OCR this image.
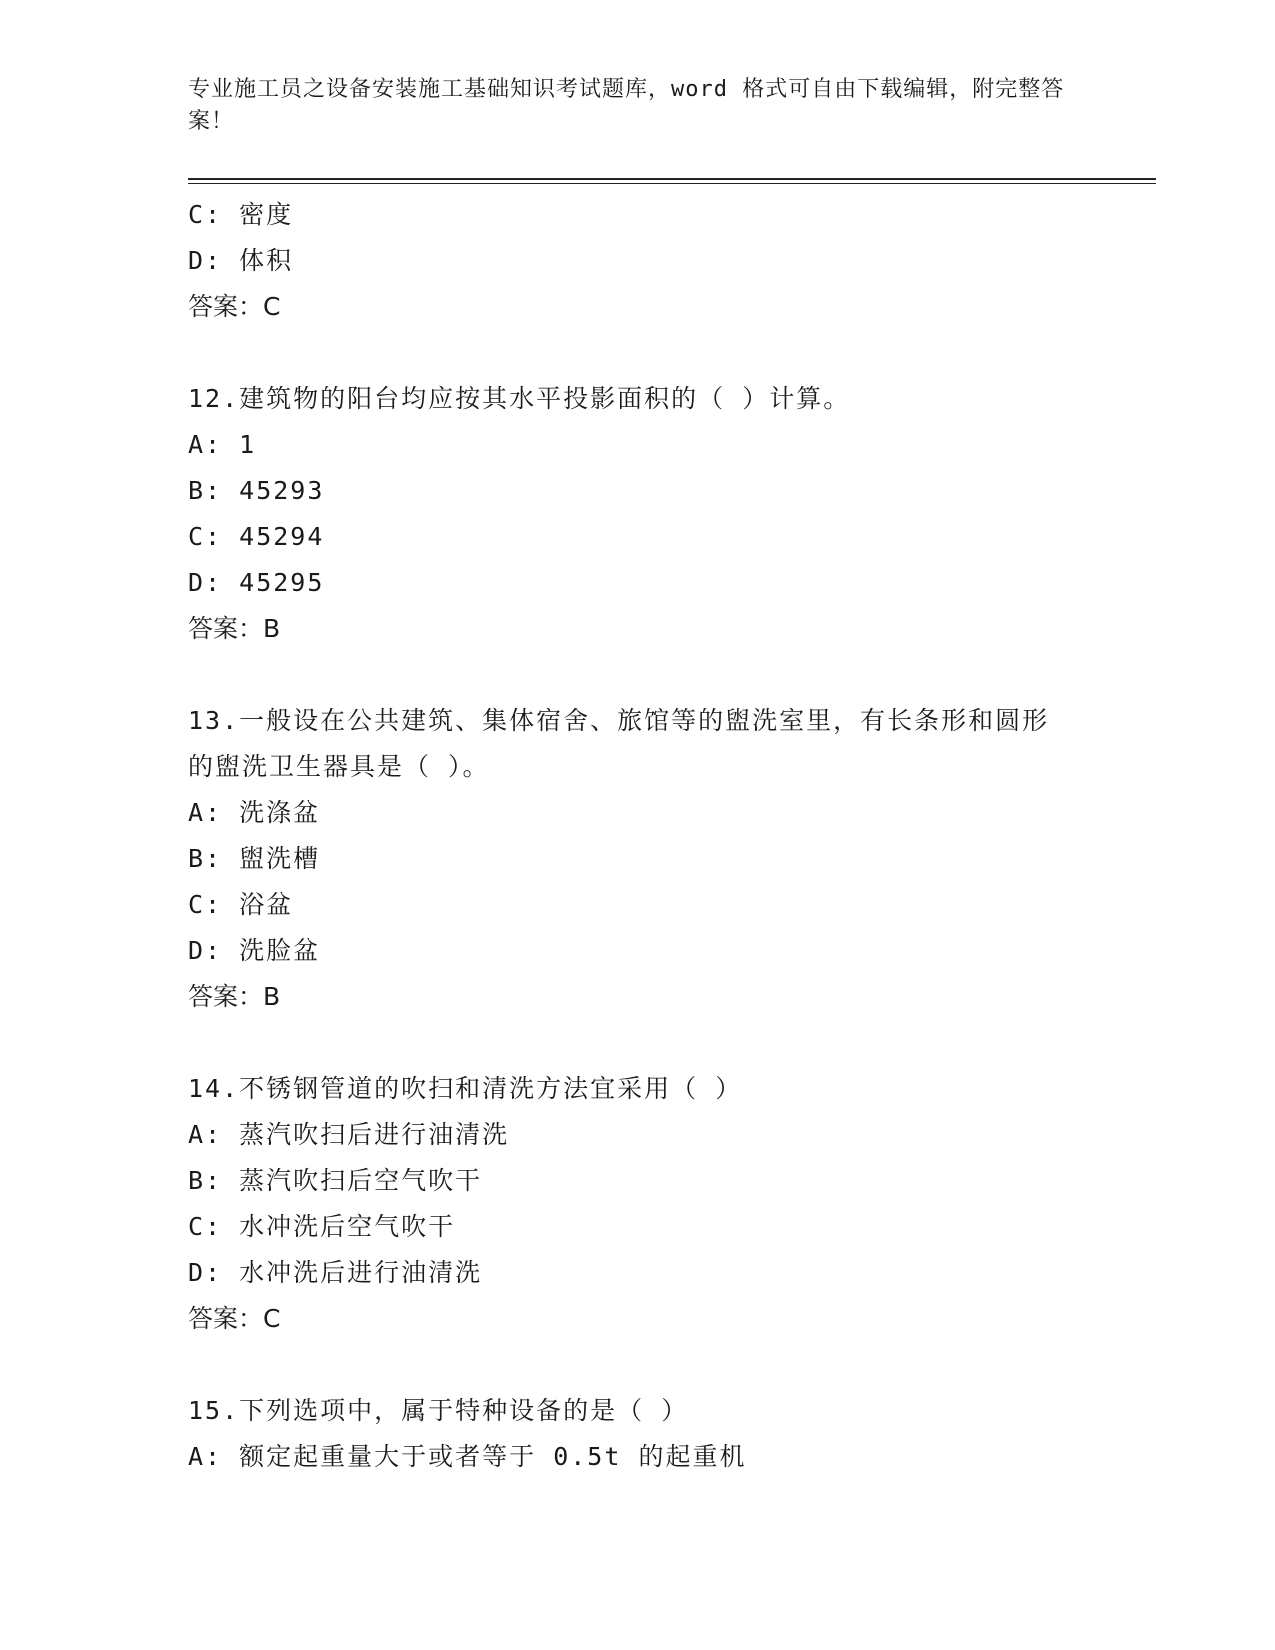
专业施工员之设备安装施工基础知识考试题库，word 格式可自由下载编辑，附完整答案！
C: 密度
D: 体积
答案：C
12.建筑物的阳台均应按其水平投影面积的（ ）计算。
A: 1
B: 45293
C: 45294
D: 45295
答案：B
13.一般设在公共建筑、集体宿舍、旅馆等的盥洗室里，有长条形和圆形的盥洗卫生器具是（ ）。
A: 洗涤盆
B: 盥洗槽
C: 浴盆
D: 洗脸盆
答案：B
14.不锈钢管道的吹扫和清洗方法宜采用（ ）
A: 蒸汽吹扫后进行油清洗
B: 蒸汽吹扫后空气吹干
C: 水冲洗后空气吹干
D: 水冲洗后进行油清洗
答案：C
15.下列选项中，属于特种设备的是（ ）
A: 额定起重量大于或者等于 0.5t 的起重机
